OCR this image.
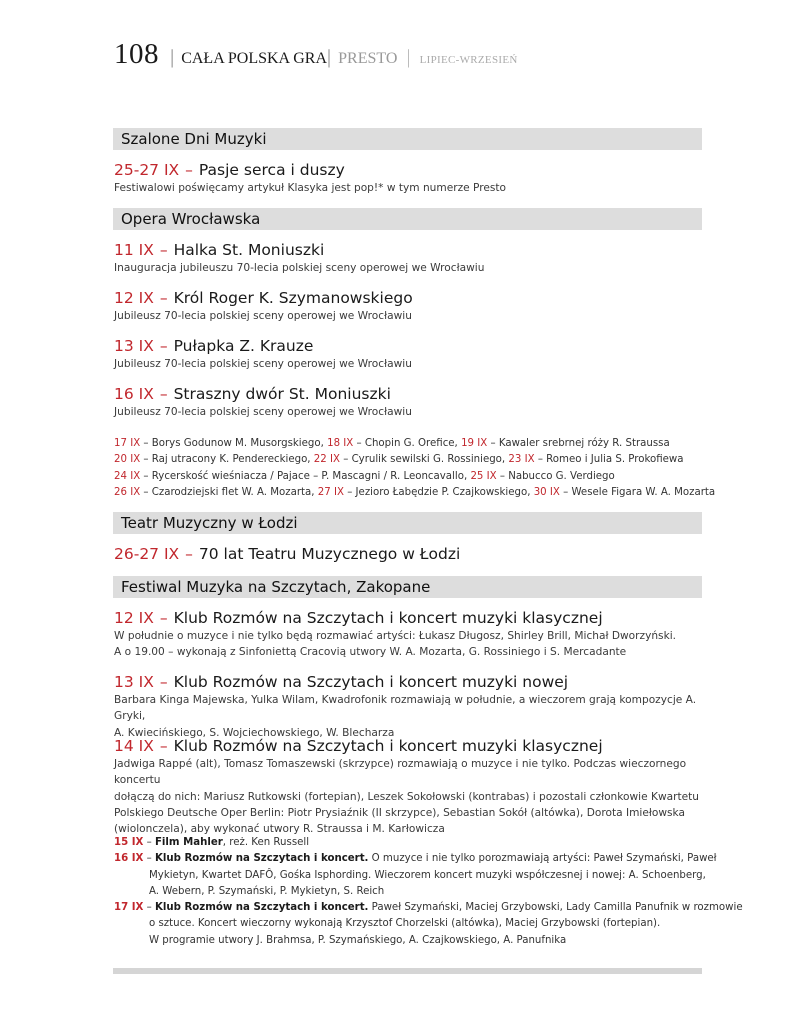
108 | CAŁA POLSKA GRA| PRESTO | LIPIEC-WRZESIEŃ
Szalone Dni Muzyki
25-27 IX – Pasje serca i duszy
Festiwalowi poświęcamy artykuł Klasyka jest pop!* w tym numerze Presto
Opera Wrocławska
11 IX – Halka St. Moniuszki
Inauguracja jubileuszu 70-lecia polskiej sceny operowej we Wrocławiu
12 IX – Król Roger K. Szymanowskiego
Jubileusz 70-lecia polskiej sceny operowej we Wrocławiu
13 IX – Pułapka Z. Krauze
Jubileusz 70-lecia polskiej sceny operowej we Wrocławiu
16 IX – Straszny dwór St. Moniuszki
Jubileusz 70-lecia polskiej sceny operowej we Wrocławiu
17 IX – Borys Godunow M. Musorgskiego, 18 IX – Chopin G. Orefice, 19 IX – Kawaler srebrnej róży R. Straussa
20 IX – Raj utracony K. Pendereckiego, 22 IX – Cyrulik sewilski G. Rossiniego, 23 IX – Romeo i Julia S. Prokofiewa
24 IX – Rycerskość wieśniacza / Pajace – P. Mascagni / R. Leoncavallo, 25 IX – Nabucco G. Verdiego
26 IX – Czarodziejski flet W. A. Mozarta, 27 IX – Jezioro Łabędzie P. Czajkowskiego, 30 IX – Wesele Figara W. A. Mozarta
Teatr Muzyczny w Łodzi
26-27 IX – 70 lat Teatru Muzycznego w Łodzi
Festiwal Muzyka na Szczytach, Zakopane
12 IX – Klub Rozmów na Szczytach i koncert muzyki klasycznej
W południe o muzyce i nie tylko będą rozmawiać artyści: Łukasz Długosz, Shirley Brill, Michał Dworzyński.
A o 19.00 – wykonają z Sinfoniettą Cracovią utwory W. A. Mozarta, G. Rossiniego i S. Mercadante
13 IX – Klub Rozmów na Szczytach i koncert muzyki nowej
Barbara Kinga Majewska, Yulka Wilam, Kwadrofonik rozmawiają w południe, a wieczorem grają kompozycje A. Gryki,
A. Kwiecińskiego, S. Wojciechowskiego, W. Blecharza
14 IX – Klub Rozmów na Szczytach i koncert muzyki klasycznej
Jadwiga Rappé (alt), Tomasz Tomaszewski (skrzypce) rozmawiają o muzyce i nie tylko. Podczas wieczornego koncertu
dołączą do nich: Mariusz Rutkowski (fortepian), Leszek Sokołowski (kontrabas) i pozostali członkowie Kwartetu
Polskiego Deutsche Oper Berlin: Piotr Prysiaźnik (II skrzypce), Sebastian Sokół (altówka), Dorota Imiełowska
(wiolonczela), aby wykonać utwory R. Straussa i M. Karłowicza
15 IX – Film Mahler, reż. Ken Russell
16 IX – Klub Rozmów na Szczytach i koncert. O muzyce i nie tylko porozmawiają artyści: Paweł Szymański, Paweł
Mykietyn, Kwartet DAFÔ, Gośka Isphording. Wieczorem koncert muzyki współczesnej i nowej: A. Schoenberg,
A. Webern, P. Szymański, P. Mykietyn, S. Reich
17 IX – Klub Rozmów na Szczytach i koncert. Paweł Szymański, Maciej Grzybowski, Lady Camilla Panufnik w rozmowie
o sztuce. Koncert wieczorny wykonają Krzysztof Chorzelski (altówka), Maciej Grzybowski (fortepian).
W programie utwory J. Brahmsa, P. Szymańskiego, A. Czajkowskiego, A. Panufnika
